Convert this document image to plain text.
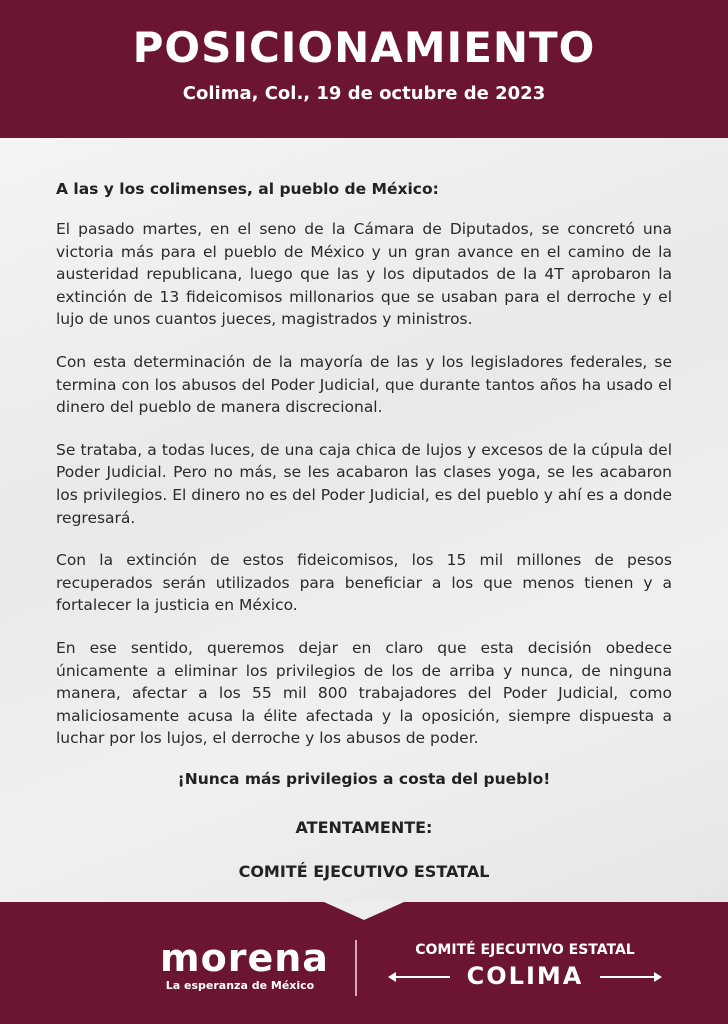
POSICIONAMIENTO
Colima, Col., 19 de octubre de 2023

A las y los colimenses, al pueblo de México:

El pasado martes, en el seno de la Cámara de Diputados, se concretó una victoria más para el pueblo de México y un gran avance en el camino de la austeridad republicana, luego que las y los diputados de la 4T aprobaron la extinción de 13 fideicomisos millonarios que se usaban para el derroche y el lujo de unos cuantos jueces, magistrados y ministros.

Con esta determinación de la mayoría de las y los legisladores federales, se termina con los abusos del Poder Judicial, que durante tantos años ha usado el dinero del pueblo de manera discrecional.

Se trataba, a todas luces, de una caja chica de lujos y excesos de la cúpula del Poder Judicial. Pero no más, se les acabaron las clases yoga, se les acabaron los privilegios. El dinero no es del Poder Judicial, es del pueblo y ahí es a donde regresará.

Con la extinción de estos fideicomisos, los 15 mil millones de pesos recuperados serán utilizados para beneficiar a los que menos tienen y a fortalecer la justicia en México.

En ese sentido, queremos dejar en claro que esta decisión obedece únicamente a eliminar los privilegios de los de arriba y nunca, de ninguna manera, afectar a los 55 mil 800 trabajadores del Poder Judicial, como maliciosamente acusa la élite afectada y la oposición, siempre dispuesta a luchar por los lujos, el derroche y los abusos de poder.

¡Nunca más privilegios a costa del pueblo!

ATENTAMENTE:
COMITÉ EJECUTIVO ESTATAL
morena
La esperanza de México
COMITÉ EJECUTIVO ESTATAL
COLIMA
